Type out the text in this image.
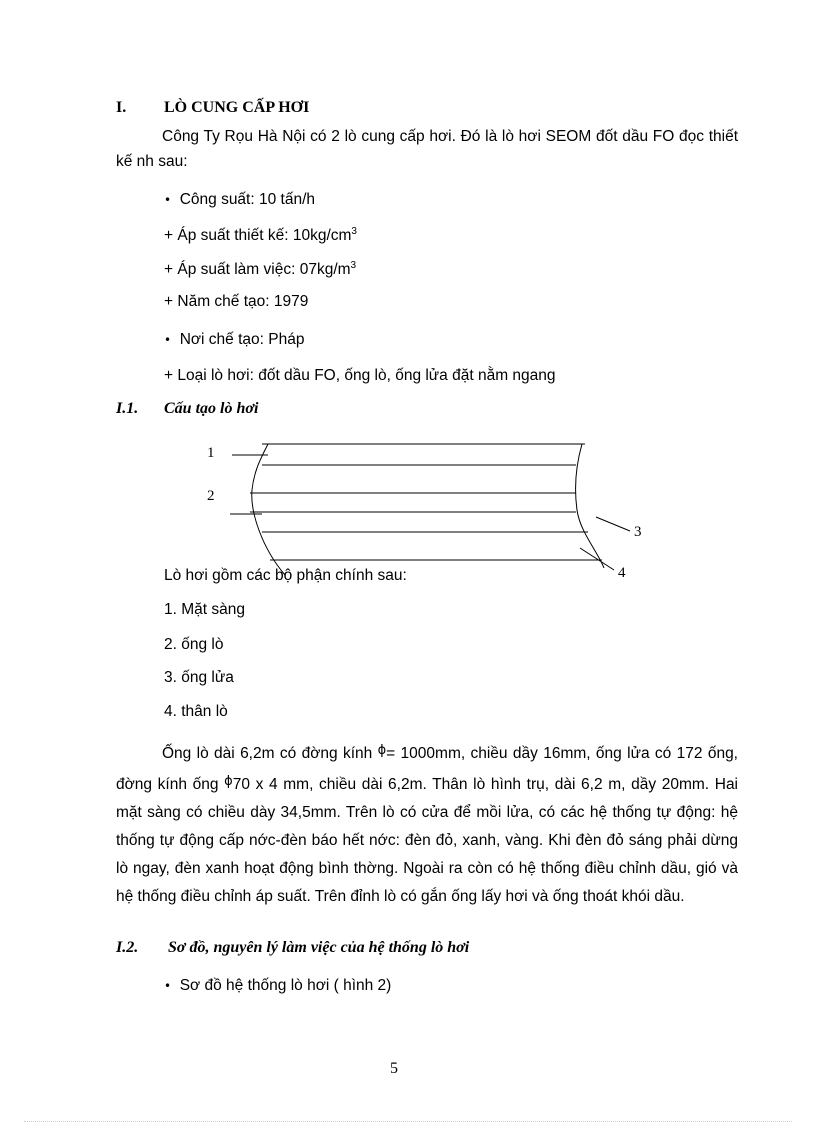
I. LÒ CUNG CẤP HƠI
Công Ty Rọu Hà Nội có 2 lò cung cấp hơi. Đó là lò hơi SEOM đốt dầu FO đọc thiết kế nh sau:
• Công suất: 10 tấn/h
+ Áp suất thiết kế: $10kg/cm^3$
+ Áp suất làm việc: $07kg/m^3$
+ Năm chế tạo: 1979
• Nơi chế tạo: Pháp
+ Loại lò hơi: đốt dầu FO, ống lò, ống lửa đặt nằm ngang
I.1. Cấu tạo lò hơi
1
2
3
4
Lò hơi gồm các bộ phận chính sau:
1. Mặt sàng
2. ống lò
3. ống lửa
4. thân lò
Ống lò dài 6,2m có đờng kính $^\phi$= 1000mm, chiều dầy 16mm, ống lửa có 172 ống, đờng kính ống $^\phi$70 x 4 mm, chiều dài 6,2m. Thân lò hình trụ, dài 6,2 m, dầy 20mm. Hai mặt sàng có chiều dày 34,5mm. Trên lò có cửa để mồi lửa, có các hệ thống tự động: hệ thống tự động cấp nớc-đèn báo hết nớc: đèn đỏ, xanh, vàng. Khi đèn đỏ sáng phải dừng lò ngay, đèn xanh hoạt động bình thờng. Ngoài ra còn có hệ thống điều chỉnh dầu, gió và hệ thống điều chỉnh áp suất. Trên đỉnh lò có gắn ống lấy hơi và ống thoát khói dầu.
I.2. Sơ đồ, nguyên lý làm việc của hệ thống lò hơi
• Sơ đồ hệ thống lò hơi ( hình 2)
5
